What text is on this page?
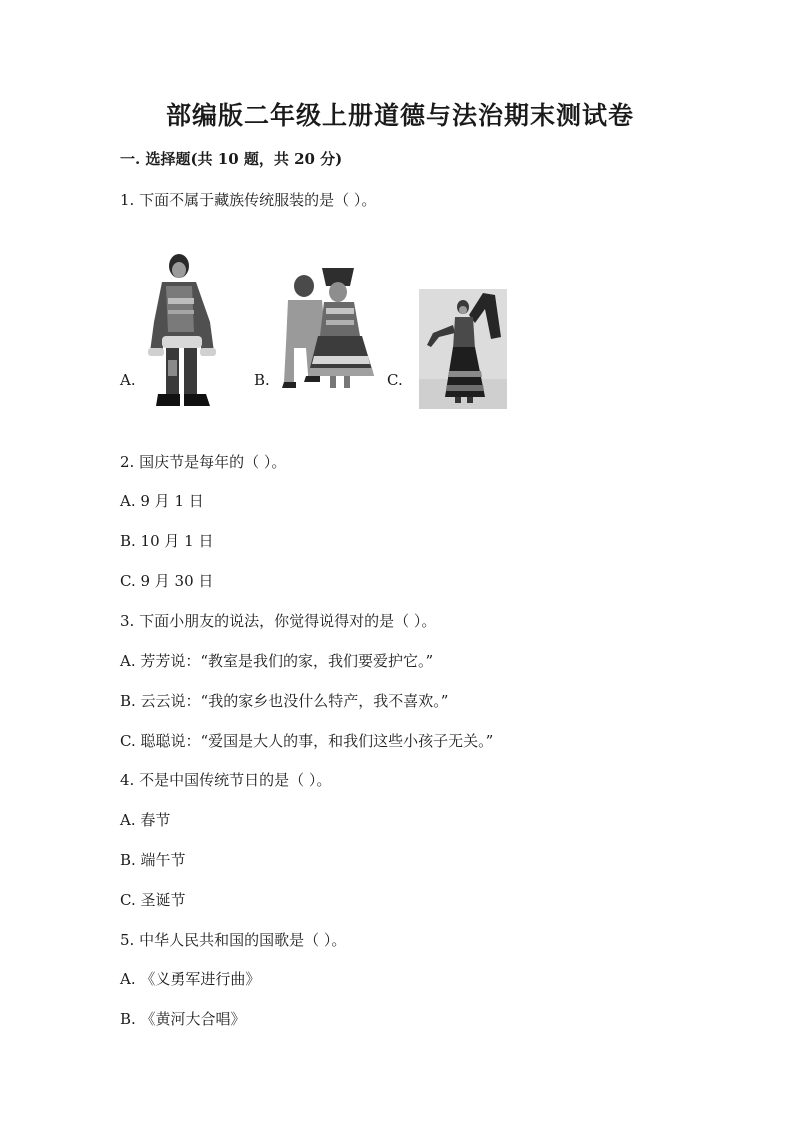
部编版二年级上册道德与法治期末测试卷
一. 选择题(共 10 题，共 20 分)
1. 下面不属于藏族传统服装的是（ ）。
A.	B.	C.
2. 国庆节是每年的（ ）。
A. 9 月 1 日
B. 10 月 1 日
C. 9 月 30 日
3. 下面小朋友的说法，你觉得说得对的是（ ）。
A. 芳芳说：“教室是我们的家，我们要爱护它。”
B. 云云说：“我的家乡也没什么特产，我不喜欢。”
C. 聪聪说：“爱国是大人的事，和我们这些小孩子无关。”
4. 不是中国传统节日的是（ ）。
A. 春节
B. 端午节
C. 圣诞节
5. 中华人民共和国的国歌是（ ）。
A. 《义勇军进行曲》
B. 《黄河大合唱》
